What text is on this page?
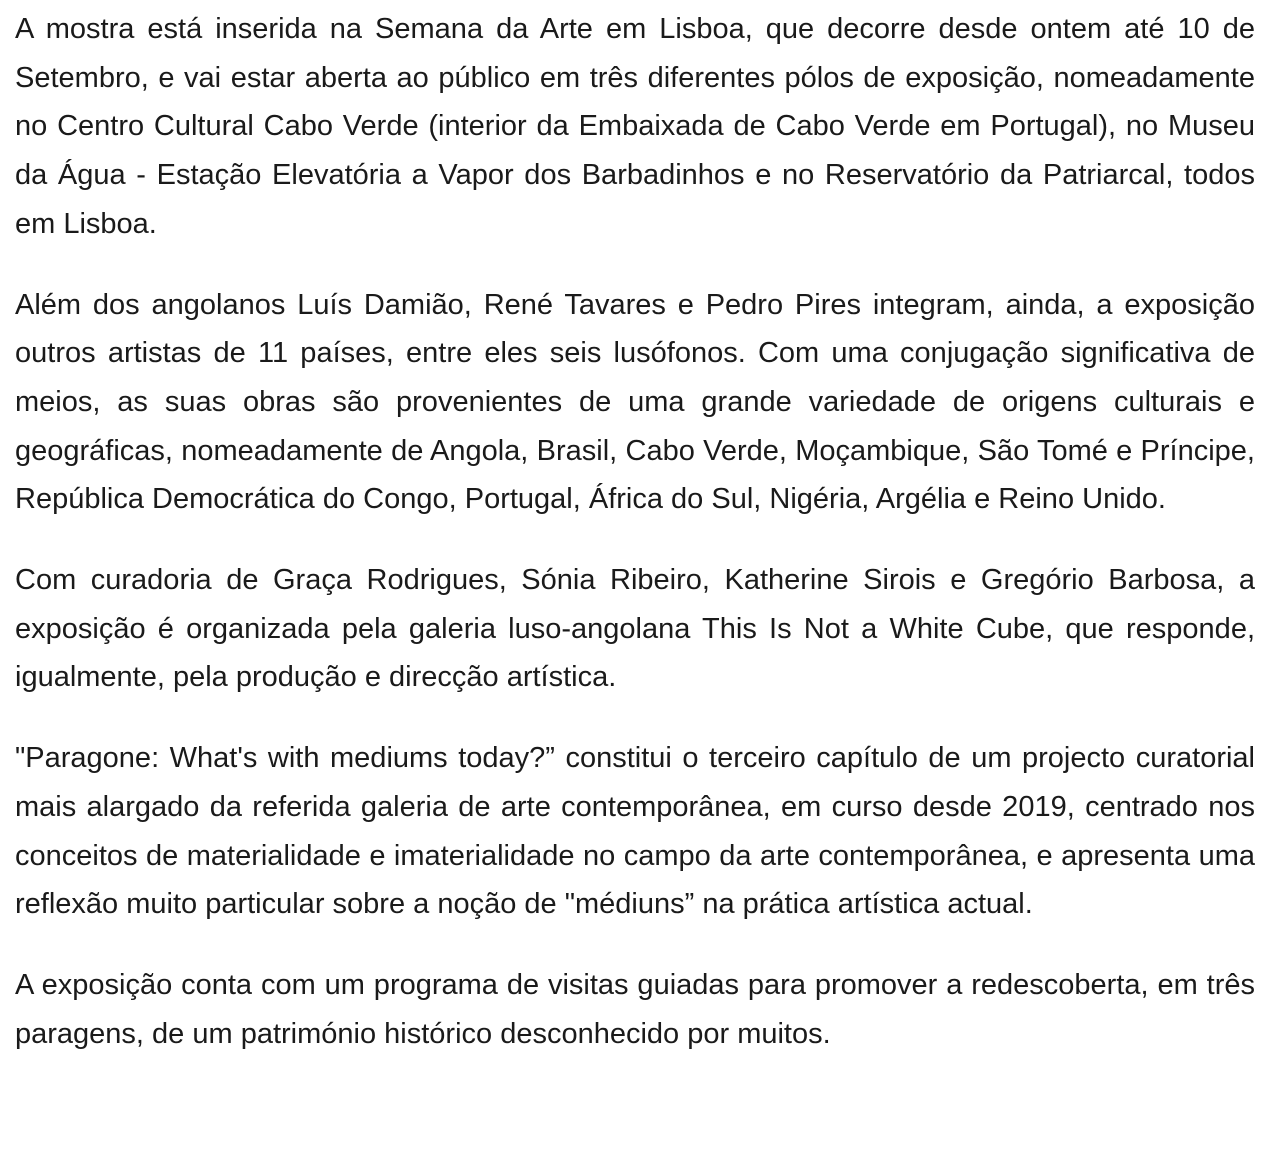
A mostra está inserida na Semana da Arte em Lisboa, que decorre desde ontem até 10 de Setembro, e vai estar aberta ao público em três diferentes pólos de exposição, nomeadamente no Centro Cultural Cabo Verde (interior da Embaixada de Cabo Verde em Portugal), no Museu da Água - Estação Elevatória a Vapor dos Barbadinhos e no Reservatório da Patriarcal, todos em Lisboa.

Além dos angolanos Luís Damião, René Tavares e Pedro Pires integram, ainda, a exposição outros artistas de 11 países, entre eles seis lusófonos. Com uma conjugação significativa de meios, as suas obras são provenientes de uma grande variedade de origens culturais e geográficas, nomeadamente de Angola, Brasil, Cabo Verde, Moçambique, São Tomé e Príncipe, República Democrática do Congo, Portugal, África do Sul, Nigéria, Argélia e Reino Unido.

Com curadoria de Graça Rodrigues, Sónia Ribeiro, Katherine Sirois e Gregório Barbosa, a exposição é organizada pela galeria luso-angolana This Is Not a White Cube, que responde, igualmente, pela produção e direcção artística.

"Paragone: What's with mediums today?” constitui o terceiro capítulo de um projecto curatorial mais alargado da referida galeria de arte contemporânea, em curso desde 2019, centrado nos conceitos de materialidade e imaterialidade no campo da arte contemporânea, e apresenta uma reflexão muito particular sobre a noção de "médiuns” na prática artística actual.

A exposição conta com um programa de visitas guiadas para promover a redescoberta, em três paragens, de um património histórico desconhecido por muitos.
